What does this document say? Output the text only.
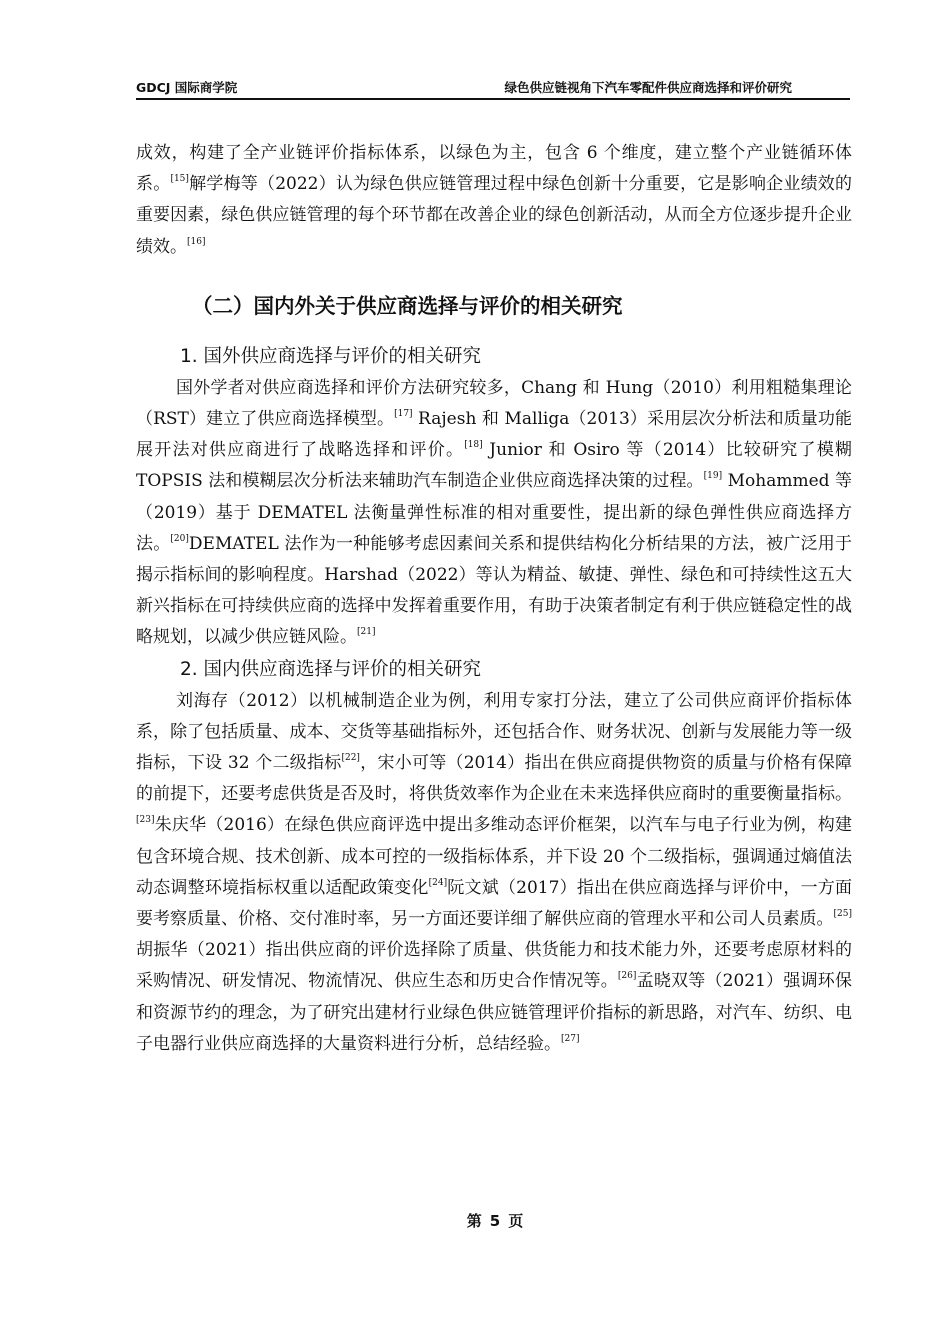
GDCJ 国际商学院	绿色供应链视角下汽车零配件供应商选择和评价研究

成效，构建了全产业链评价指标体系，以绿色为主，包含 6 个维度，建立整个产业链循环体系。[15]解学梅等（2022）认为绿色供应链管理过程中绿色创新十分重要，它是影响企业绩效的重要因素，绿色供应链管理的每个环节都在改善企业的绿色创新活动，从而全方位逐步提升企业绩效。[16]

（二）国内外关于供应商选择与评价的相关研究
1. 国外供应商选择与评价的相关研究

国外学者对供应商选择和评价方法研究较多，Chang 和 Hung（2010）利用粗糙集理论（RST）建立了供应商选择模型。[17] Rajesh 和 Malliga（2013）采用层次分析法和质量功能展开法对供应商进行了战略选择和评价。[18] Junior 和 Osiro 等（2014）比较研究了模糊 TOPSIS 法和模糊层次分析法来辅助汽车制造企业供应商选择决策的过程。[19] Mohammed 等（2019）基于 DEMATEL 法衡量弹性标准的相对重要性，提出新的绿色弹性供应商选择方法。[20]DEMATEL 法作为一种能够考虑因素间关系和提供结构化分析结果的方法，被广泛用于揭示指标间的影响程度。Harshad（2022）等认为精益、敏捷、弹性、绿色和可持续性这五大新兴指标在可持续供应商的选择中发挥着重要作用，有助于决策者制定有利于供应链稳定性的战略规划，以减少供应链风险。[21]

2. 国内供应商选择与评价的相关研究

刘海存（2012）以机械制造企业为例，利用专家打分法，建立了公司供应商评价指标体系，除了包括质量、成本、交货等基础指标外，还包括合作、财务状况、创新与发展能力等一级指标，下设 32 个二级指标[22]，宋小可等（2014）指出在供应商提供物资的质量与价格有保障的前提下，还要考虑供货是否及时，将供货效率作为企业在未来选择供应商时的重要衡量指标。[23]朱庆华（2016）在绿色供应商评选中提出多维动态评价框架，以汽车与电子行业为例，构建包含环境合规、技术创新、成本可控的一级指标体系，并下设 20 个二级指标，强调通过熵值法动态调整环境指标权重以适配政策变化[24]阮文斌（2017）指出在供应商选择与评价中，一方面要考察质量、价格、交付准时率，另一方面还要详细了解供应商的管理水平和公司人员素质。[25]胡振华（2021）指出供应商的评价选择除了质量、供货能力和技术能力外，还要考虑原材料的采购情况、研发情况、物流情况、供应生态和历史合作情况等。[26]孟晓双等（2021）强调环保和资源节约的理念，为了研究出建材行业绿色供应链管理评价指标的新思路，对汽车、纺织、电子电器行业供应商选择的大量资料进行分析，总结经验。[27]

第 5 页
